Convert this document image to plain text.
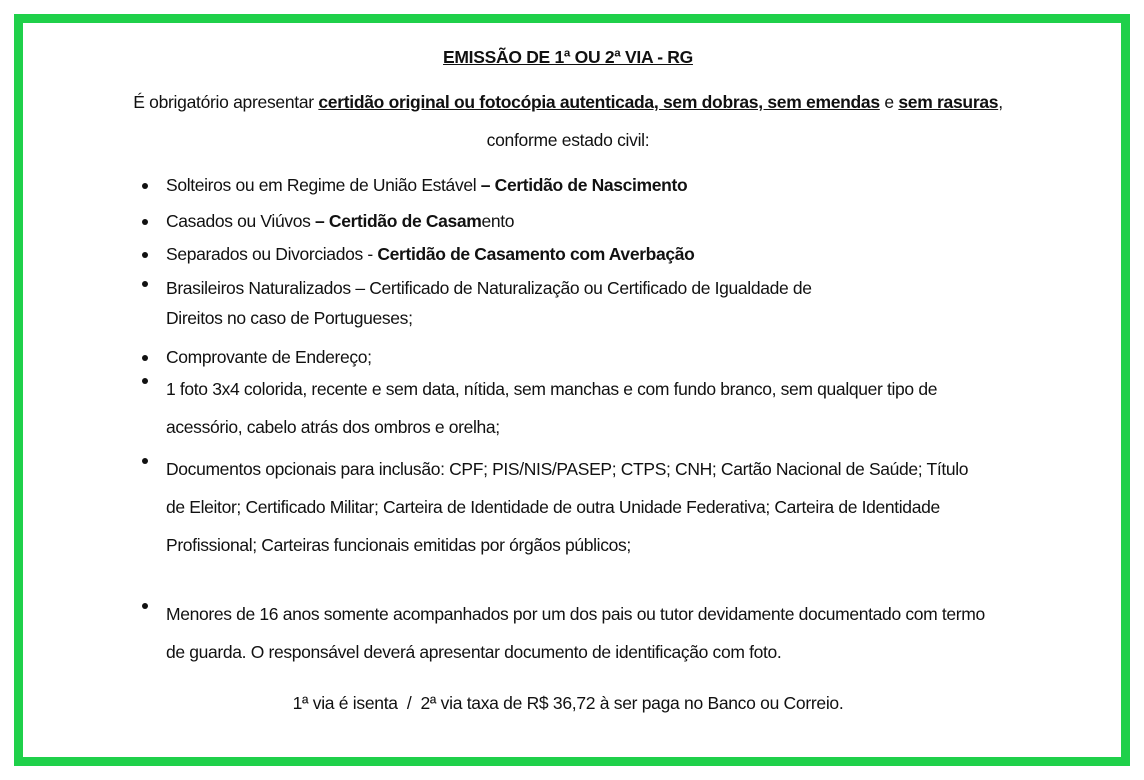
EMISSÃO DE 1ª OU 2ª VIA - RG
É obrigatório apresentar certidão original ou fotocópia autenticada, sem dobras, sem emendas e sem rasuras, conforme estado civil:
Solteiros ou em Regime de União Estável – Certidão de Nascimento
Casados ou Viúvos – Certidão de Casamento
Separados ou Divorciados - Certidão de Casamento com Averbação
Brasileiros Naturalizados – Certificado de Naturalização ou Certificado de Igualdade de
Direitos no caso de Portugueses;
Comprovante de Endereço;
1 foto 3x4 colorida, recente e sem data, nítida, sem manchas e com fundo branco, sem qualquer tipo de
acessório, cabelo atrás dos ombros e orelha;
Documentos opcionais para inclusão: CPF; PIS/NIS/PASEP; CTPS; CNH; Cartão Nacional de Saúde; Título
de Eleitor; Certificado Militar; Carteira de Identidade de outra Unidade Federativa; Carteira de Identidade
Profissional; Carteiras funcionais emitidas por órgãos públicos;
Menores de 16 anos somente acompanhados por um dos pais ou tutor devidamente documentado com termo
de guarda. O responsável deverá apresentar documento de identificação com foto.
1ª via é isenta  /  2ª via taxa de R$ 36,72 à ser paga no Banco ou Correio.
